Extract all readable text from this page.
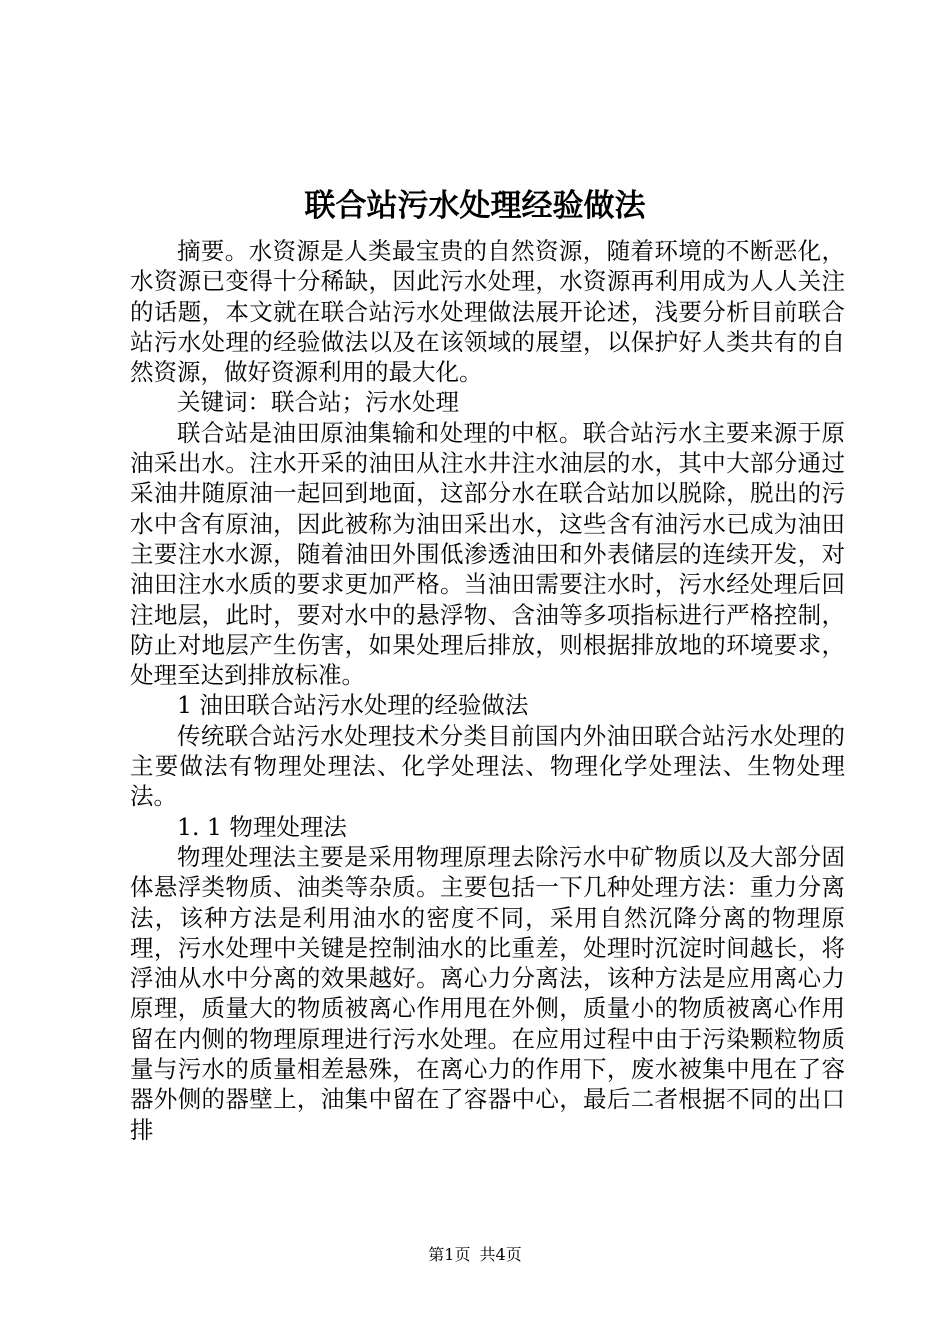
联合站污水处理经验做法

摘要。水资源是人类最宝贵的自然资源，随着环境的不断恶化，水资源已变得十分稀缺，因此污水处理，水资源再利用成为人人关注的话题，本文就在联合站污水处理做法展开论述，浅要分析目前联合站污水处理的经验做法以及在该领域的展望，以保护好人类共有的自然资源，做好资源利用的最大化。

关键词：联合站；污水处理

联合站是油田原油集输和处理的中枢。联合站污水主要来源于原油采出水。注水开采的油田从注水井注水油层的水，其中大部分通过采油井随原油一起回到地面，这部分水在联合站加以脱除，脱出的污水中含有原油，因此被称为油田采出水，这些含有油污水已成为油田主要注水水源，随着油田外围低渗透油田和外表储层的连续开发，对油田注水水质的要求更加严格。当油田需要注水时，污水经处理后回注地层，此时，要对水中的悬浮物、含油等多项指标进行严格控制，防止对地层产生伤害，如果处理后排放，则根据排放地的环境要求，处理至达到排放标准。

1 油田联合站污水处理的经验做法

传统联合站污水处理技术分类目前国内外油田联合站污水处理的主要做法有物理处理法、化学处理法、物理化学处理法、生物处理法。

1. 1 物理处理法

物理处理法主要是采用物理原理去除污水中矿物质以及大部分固体悬浮类物质、油类等杂质。主要包括一下几种处理方法：重力分离法，该种方法是利用油水的密度不同，采用自然沉降分离的物理原理，污水处理中关键是控制油水的比重差，处理时沉淀时间越长，将浮油从水中分离的效果越好。离心力分离法，该种方法是应用离心力原理，质量大的物质被离心作用甩在外侧，质量小的物质被离心作用留在内侧的物理原理进行污水处理。在应用过程中由于污染颗粒物质量与污水的质量相差悬殊，在离心力的作用下，废水被集中甩在了容器外侧的器壁上，油集中留在了容器中心，最后二者根据不同的出口排

第1页 共4页
